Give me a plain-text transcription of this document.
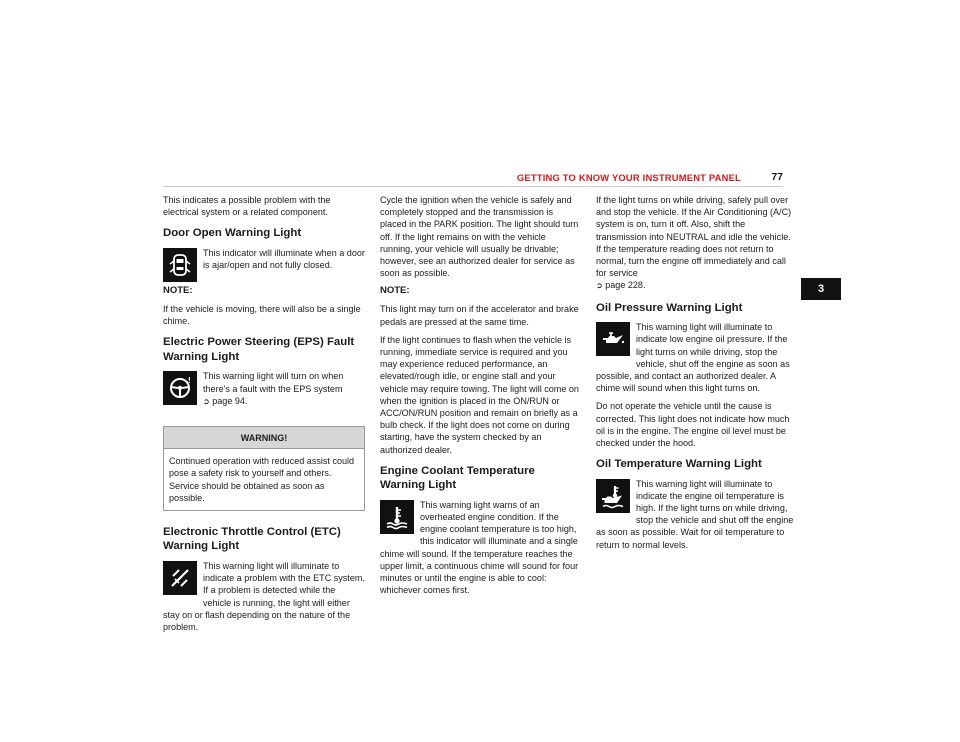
GETTING TO KNOW YOUR INSTRUMENT PANEL	77
3

This indicates a possible problem with the electrical system or a related component.

Door Open Warning Light

This indicator will illuminate when a door is ajar/open and not fully closed.

NOTE:

If the vehicle is moving, there will also be a single chime.

Electric Power Steering (EPS) Fault Warning Light
!	This warning light will turn on when there's a fault with the EPS system
➲ page 94.

WARNING!
Continued operation with reduced assist could pose a safety risk to yourself and others. Service should be obtained as soon as possible.
Electronic Throttle Control (ETC) Warning Light

This warning light will illuminate to indicate a problem with the ETC system. If a problem is detected while the vehicle is running, the light will either stay on or flash depending on the nature of the problem.

Cycle the ignition when the vehicle is safely and completely stopped and the transmission is placed in the PARK position. The light should turn off. If the light remains on with the vehicle running, your vehicle will usually be drivable; however, see an authorized dealer for service as soon as possible.

NOTE:

This light may turn on if the accelerator and brake pedals are pressed at the same time.

If the light continues to flash when the vehicle is running, immediate service is required and you may experience reduced performance, an elevated/rough idle, or engine stall and your vehicle may require towing. The light will come on when the ignition is placed in the ON/RUN or ACC/ON/RUN position and remain on briefly as a bulb check. If the light does not come on during starting, have the system checked by an authorized dealer.

Engine Coolant Temperature Warning Light

This warning light warns of an overheated engine condition. If the engine coolant temperature is too high, this indicator will illuminate and a single chime will sound. If the temperature reaches the upper limit, a continuous chime will sound for four minutes or until the engine is able to cool: whichever comes first.

If the light turns on while driving, safely pull over and stop the vehicle. If the Air Conditioning (A/C) system is on, turn it off. Also, shift the transmission into NEUTRAL and idle the vehicle. If the temperature reading does not return to normal, turn the engine off immediately and call for service
➲ page 228.

Oil Pressure Warning Light

This warning light will illuminate to indicate low engine oil pressure. If the light turns on while driving, stop the vehicle, shut off the engine as soon as possible, and contact an authorized dealer. A chime will sound when this light turns on.

Do not operate the vehicle until the cause is corrected. This light does not indicate how much oil is in the engine. The engine oil level must be checked under the hood.

Oil Temperature Warning Light

This warning light will illuminate to indicate the engine oil temperature is high. If the light turns on while driving, stop the vehicle and shut off the engine as soon as possible. Wait for oil temperature to return to normal levels.
